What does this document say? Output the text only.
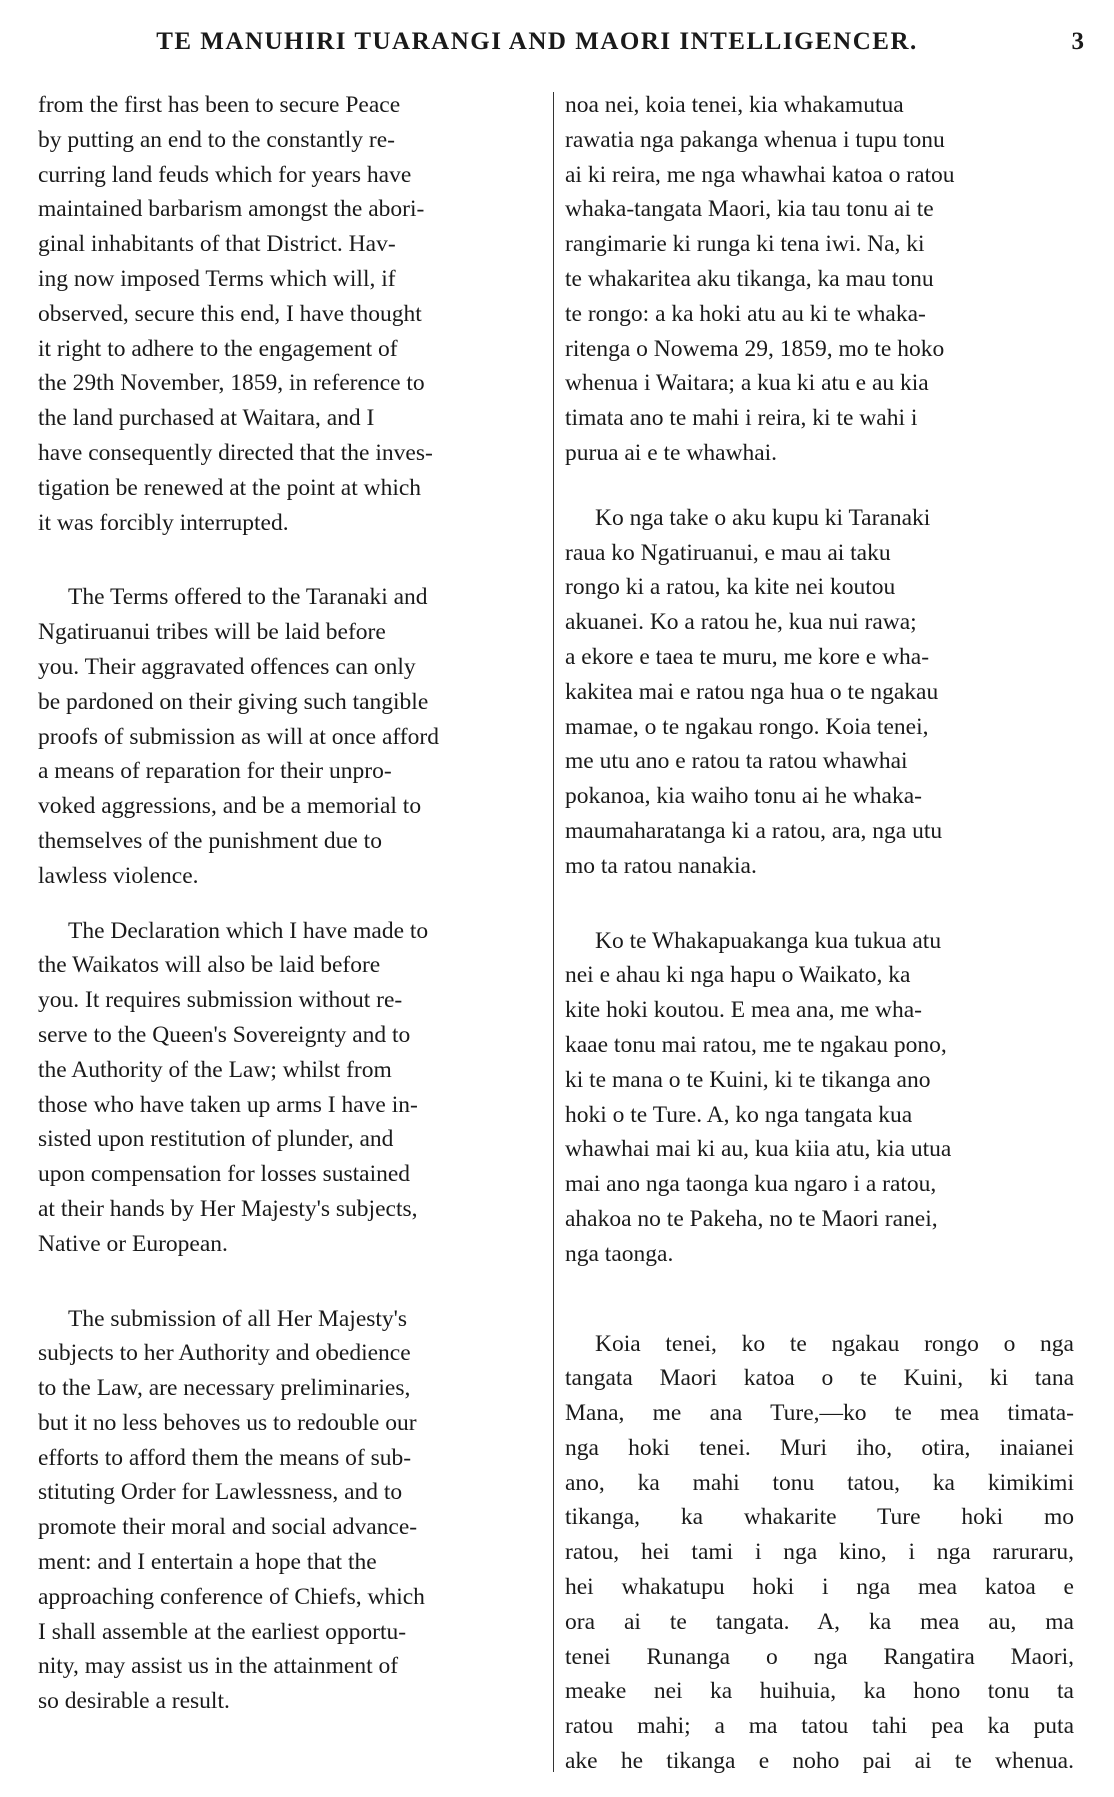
TE MANUHIRI TUARANGI AND MAORI INTELLIGENCER.	3

from the first has been to secure Peace
by putting an end to the constantly re-
curring land feuds which for years have
maintained barbarism amongst the abori-
ginal inhabitants of that District. Hav-
ing now imposed Terms which will, if
observed, secure this end, I have thought
it right to adhere to the engagement of
the 29th November, 1859, in reference to
the land purchased at Waitara, and I
have consequently directed that the inves-
tigation be renewed at the point at which
it was forcibly interrupted.

The Terms offered to the Taranaki and
Ngatiruanui tribes will be laid before
you. Their aggravated offences can only
be pardoned on their giving such tangible
proofs of submission as will at once afford
a means of reparation for their unpro-
voked aggressions, and be a memorial to
themselves of the punishment due to
lawless violence.

The Declaration which I have made to
the Waikatos will also be laid before
you. It requires submission without re-
serve to the Queen's Sovereignty and to
the Authority of the Law; whilst from
those who have taken up arms I have in-
sisted upon restitution of plunder, and
upon compensation for losses sustained
at their hands by Her Majesty's subjects,
Native or European.

The submission of all Her Majesty's
subjects to her Authority and obedience
to the Law, are necessary preliminaries,
but it no less behoves us to redouble our
efforts to afford them the means of sub-
stituting Order for Lawlessness, and to
promote their moral and social advance-
ment: and I entertain a hope that the
approaching conference of Chiefs, which
I shall assemble at the earliest opportu-
nity, may assist us in the attainment of
so desirable a result.

noa nei, koia tenei, kia whakamutua
rawatia nga pakanga whenua i tupu tonu
ai ki reira, me nga whawhai katoa o ratou
whaka-tangata Maori, kia tau tonu ai te
rangimarie ki runga ki tena iwi. Na, ki
te whakaritea aku tikanga, ka mau tonu
te rongo: a ka hoki atu au ki te whaka-
ritenga o Nowema 29, 1859, mo te hoko
whenua i Waitara; a kua ki atu e au kia
timata ano te mahi i reira, ki te wahi i
purua ai e te whawhai.

Ko nga take o aku kupu ki Taranaki
raua ko Ngatiruanui, e mau ai taku
rongo ki a ratou, ka kite nei koutou
akuanei. Ko a ratou he, kua nui rawa;
a ekore e taea te muru, me kore e wha-
kakitea mai e ratou nga hua o te ngakau
mamae, o te ngakau rongo. Koia tenei,
me utu ano e ratou ta ratou whawhai
pokanoa, kia waiho tonu ai he whaka-
maumaharatanga ki a ratou, ara, nga utu
mo ta ratou nanakia.

Ko te Whakapuakanga kua tukua atu
nei e ahau ki nga hapu o Waikato, ka
kite hoki koutou. E mea ana, me wha-
kaae tonu mai ratou, me te ngakau pono,
ki te mana o te Kuini, ki te tikanga ano
hoki o te Ture. A, ko nga tangata kua
whawhai mai ki au, kua kiia atu, kia utua
mai ano nga taonga kua ngaro i a ratou,
ahakoa no te Pakeha, no te Maori ranei,
nga taonga.

Koia tenei, ko te ngakau rongo o nga
tangata Maori katoa o te Kuini, ki tana
Mana, me ana Ture,—ko te mea timata-
nga hoki tenei. Muri iho, otira, inaianei
ano, ka mahi tonu tatou, ka kimikimi
tikanga, ka whakarite Ture hoki mo
ratou, hei tami i nga kino, i nga raruraru,
hei whakatupu hoki i nga mea katoa e
ora ai te tangata. A, ka mea au, ma
tenei Runanga o nga Rangatira Maori,
meake nei ka huihuia, ka hono tonu ta
ratou mahi; a ma tatou tahi pea ka puta
ake he tikanga e noho pai ai te whenua.
